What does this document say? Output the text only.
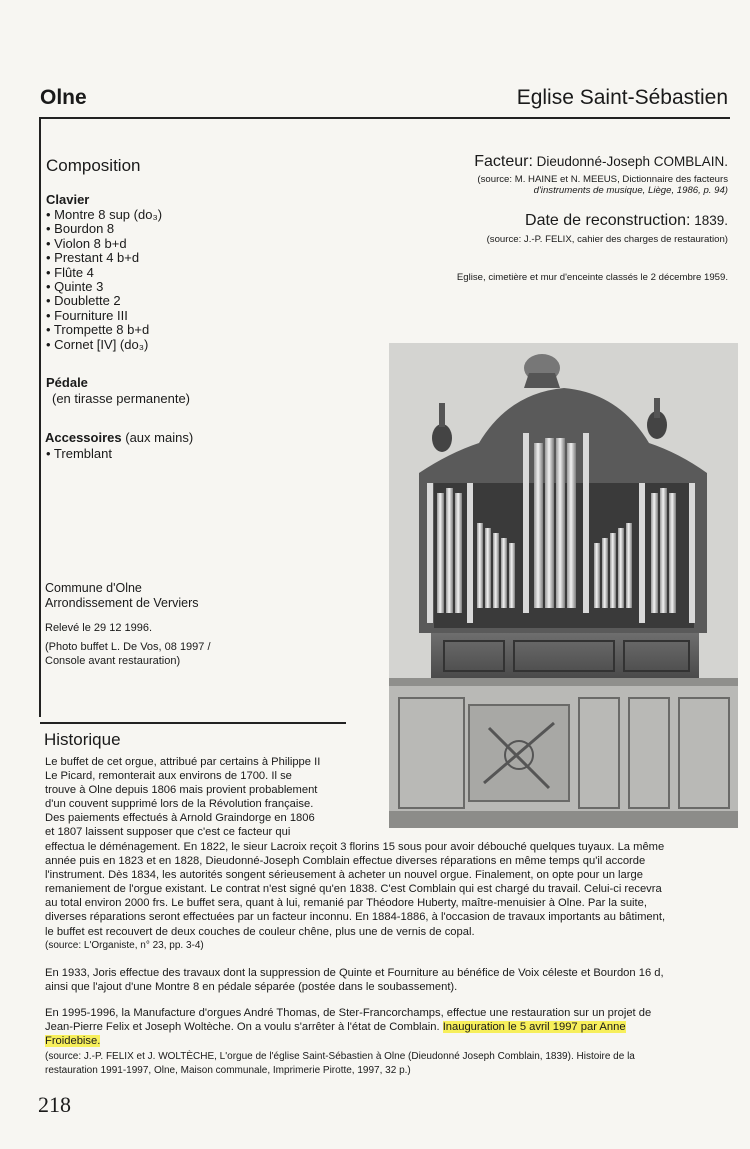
Olne	Eglise Saint-Sébastien
Composition
Clavier
• Montre 8 sup (do₃)
• Bourdon 8
• Violon 8 b+d
• Prestant 4 b+d
• Flûte 4
• Quinte 3
• Doublette 2
• Fourniture III
• Trompette 8 b+d
• Cornet [IV] (do₃)
Pédale
(en tirasse permanente)
Accessoires (aux mains)
• Tremblant
Facteur: Dieudonné-Joseph COMBLAIN.
(source: M. HAINE et N. MEEUS, Dictionnaire des facteurs
d'instruments de musique, Liège, 1986, p. 94)
Date de reconstruction: 1839.
(source: J.-P. FELIX, cahier des charges de restauration)
Eglise, cimetière et mur d'enceinte classés le 2 décembre 1959.
Commune d'Olne
Arrondissement de Verviers
Relevé le 29 12 1996.
(Photo buffet L. De Vos, 08 1997 /
Console avant restauration)
Historique
Le buffet de cet orgue, attribué par certains à Philippe II
Le Picard, remonterait aux environs de 1700. Il se
trouve à Olne depuis 1806 mais provient probablement
d'un couvent supprimé lors de la Révolution française.
Des paiements effectués à Arnold Graindorge en 1806
et 1807 laissent supposer que c'est ce facteur qui
effectua le déménagement. En 1822, le sieur Lacroix reçoit 3 florins 15 sous pour avoir débouché quelques tuyaux. La même
année puis en 1823 et en 1828, Dieudonné-Joseph Comblain effectue diverses réparations en même temps qu'il accorde
l'instrument. Dès 1834, les autorités songent sérieusement à acheter un nouvel orgue. Finalement, on opte pour un large
remaniement de l'orgue existant. Le contrat n'est signé qu'en 1838. C'est Comblain qui est chargé du travail. Celui-ci recevra
au total environ 2000 frs. Le buffet sera, quant à lui, remanié par Théodore Huberty, maître-menuisier à Olne. Par la suite,
diverses réparations seront effectuées par un facteur inconnu. En 1884-1886, à l'occasion de travaux importants au bâtiment,
le buffet est recouvert de deux couches de couleur chêne, plus une de vernis de copal.
(source: L'Organiste, n° 23, pp. 3-4)
En 1933, Joris effectue des travaux dont la suppression de Quinte et Fourniture au bénéfice de Voix céleste et Bourdon 16 d,
ainsi que l'ajout d'une Montre 8 en pédale séparée (postée dans le soubassement).
En 1995-1996, la Manufacture d'orgues André Thomas, de Ster-Francorchamps, effectue une restauration sur un projet de
Jean-Pierre Felix et Joseph Woltèche. On a voulu s'arrêter à l'état de Comblain. Inauguration le 5 avril 1997 par Anne
Froidebise.
(source: J.-P. FELIX et J. WOLTÈCHE, L'orgue de l'église Saint-Sébastien à Olne (Dieudonné Joseph Comblain, 1839). Histoire de la
restauration 1991-1997, Olne, Maison communale, Imprimerie Pirotte, 1997, 32 p.)
218
